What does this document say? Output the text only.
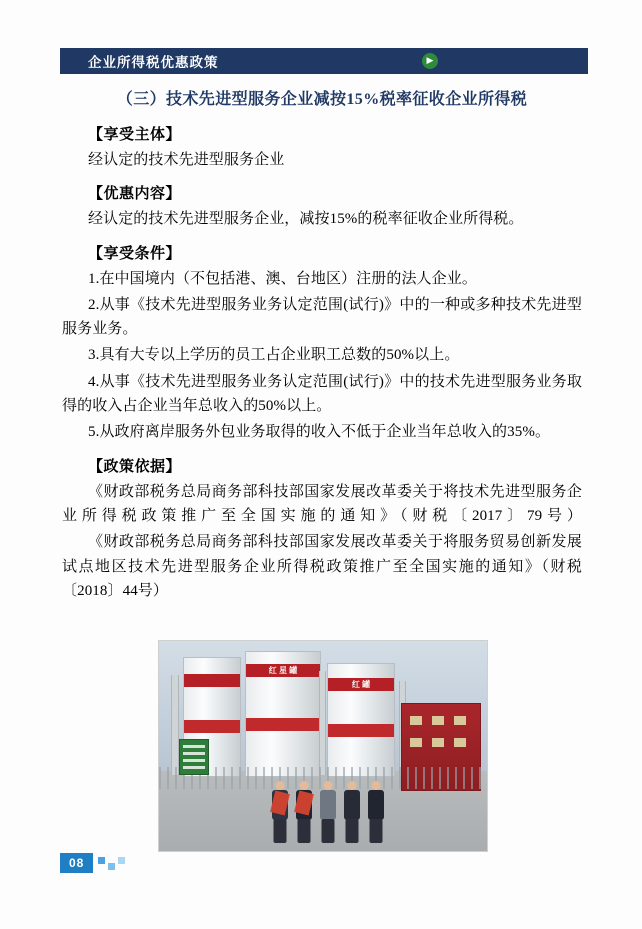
企业所得税优惠政策	▶
（三）技术先进型服务企业减按15%税率征收企业所得税
【享受主体】

经认定的技术先进型服务企业

【优惠内容】

经认定的技术先进型服务企业，减按15%的税率征收企业所得税。

【享受条件】

1.在中国境内（不包括港、澳、台地区）注册的法人企业。

2.从事《技术先进型服务业务认定范围(试行)》中的一种或多种技术先进型服务业务。

3.具有大专以上学历的员工占企业职工总数的50%以上。

4.从事《技术先进型服务业务认定范围(试行)》中的技术先进型服务业务取得的收入占企业当年总收入的50%以上。

5.从政府离岸服务外包业务取得的收入不低于企业当年总收入的35%。

【政策依据】

《财政部税务总局商务部科技部国家发展改革委关于将技术先进型服务企业所得税政策推广至全国实施的通知》（财税〔2017〕79号）

《财政部税务总局商务部科技部国家发展改革委关于将服务贸易创新发展试点地区技术先进型服务企业所得税政策推广至全国实施的通知》（财税〔2018〕44号）

红 星 罐
红 罐
08
